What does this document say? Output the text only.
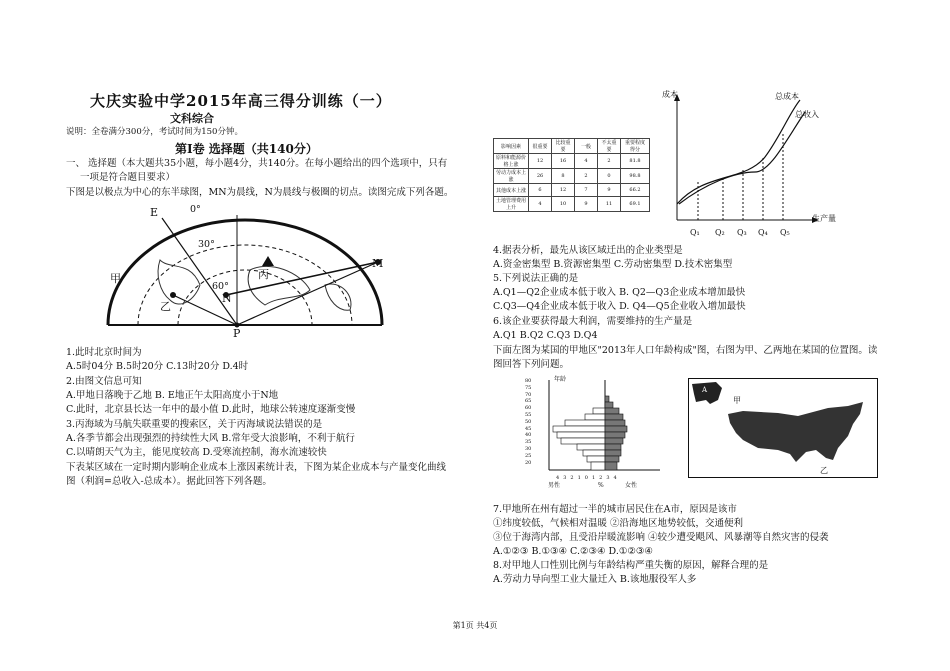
大庆实验中学2015年高三得分训练（一）
文科综合
说明：全卷满分300分，考试时间为150分钟。
第Ⅰ卷 选择题（共140分）
一、 选择题（本大题共35小题，每小题4分，共140分。在每小题给出的四个选项中，只有
一项是符合题目要求）
下图是以极点为中心的东半球图，MN为晨线，N为晨线与极圈的切点。读图完成下列各题。
0°
30°
60°
E
M
N
P
甲
乙
丙
1.此时北京时间为
A.5时04分 B.5时20分 C.13时20分 D.4时
2.由图文信息可知
A.甲地日落晚于乙地 B. E地正午太阳高度小于N地
C.此时，北京县长达一年中的最小值 D.此时，地球公转速度逐渐变慢
3.丙海域为马航失联重要的搜索区，关于丙海域说法错误的是
A.各季节都会出现强烈的持续性大风 B.常年受大浪影响，不利于航行
C.以晴朗天气为主，能见度较高 D.受寒流控制，海水流速较快
下表某区域在一定时期内影响企业成本上涨因素统计表，下图为某企业成本与产量变化曲线
图（利润=总收入-总成本）。据此回答下列各题。
影响因素	很重要	比较重要	一般	不太重要	重要程度得分
原料和能源价格上涨	12	16	4	2	81.8
劳动力成本上涨	26	8	2	0	98.8
其他成本上涨	6	12	7	9	66.2
土地管理费用上升	4	10	9	11	69.1
成本
生产量
总成本
总收入
Q₁ Q₂ Q₃ Q₄ Q₅
4.据表分析，最先从该区域迁出的企业类型是
A.资金密集型 B.资源密集型 C.劳动密集型 D.技术密集型
5.下列说法正确的是
A.Q1—Q2企业成本低于收入 B. Q2—Q3企业成本增加最快
C.Q3—Q4企业成本低于收入 D. Q4—Q5企业收入增加最快
6.该企业要获得最大利润，需要维持的生产量是
A.Q1 B.Q2 C.Q3 D.Q4
下面左图为某国的甲地区"2013年人口年龄构成"图，右图为甲、乙两地在某国的位置图。读
图回答下列问题。
年龄
80
75
70
65
60
55
50
45
40
35
30
25
20
432101234
男性	%	女性
A
甲
乙
7.甲地所在州有超过一半的城市居民住在A市，原因是该市
①纬度较低，气候相对温暖 ②沿海地区地势较低，交通便利
③位于海湾内部，且受沿岸暖流影响 ④较少遭受飓风、风暴潮等自然灾害的侵袭
A.①②③ B.①③④ C.②③④ D.①②③④
8.对甲地人口性别比例与年龄结构严重失衡的原因，解释合理的是
A.劳动力导向型工业大量迁入 B.该地服役军人多
第1页 共4页
